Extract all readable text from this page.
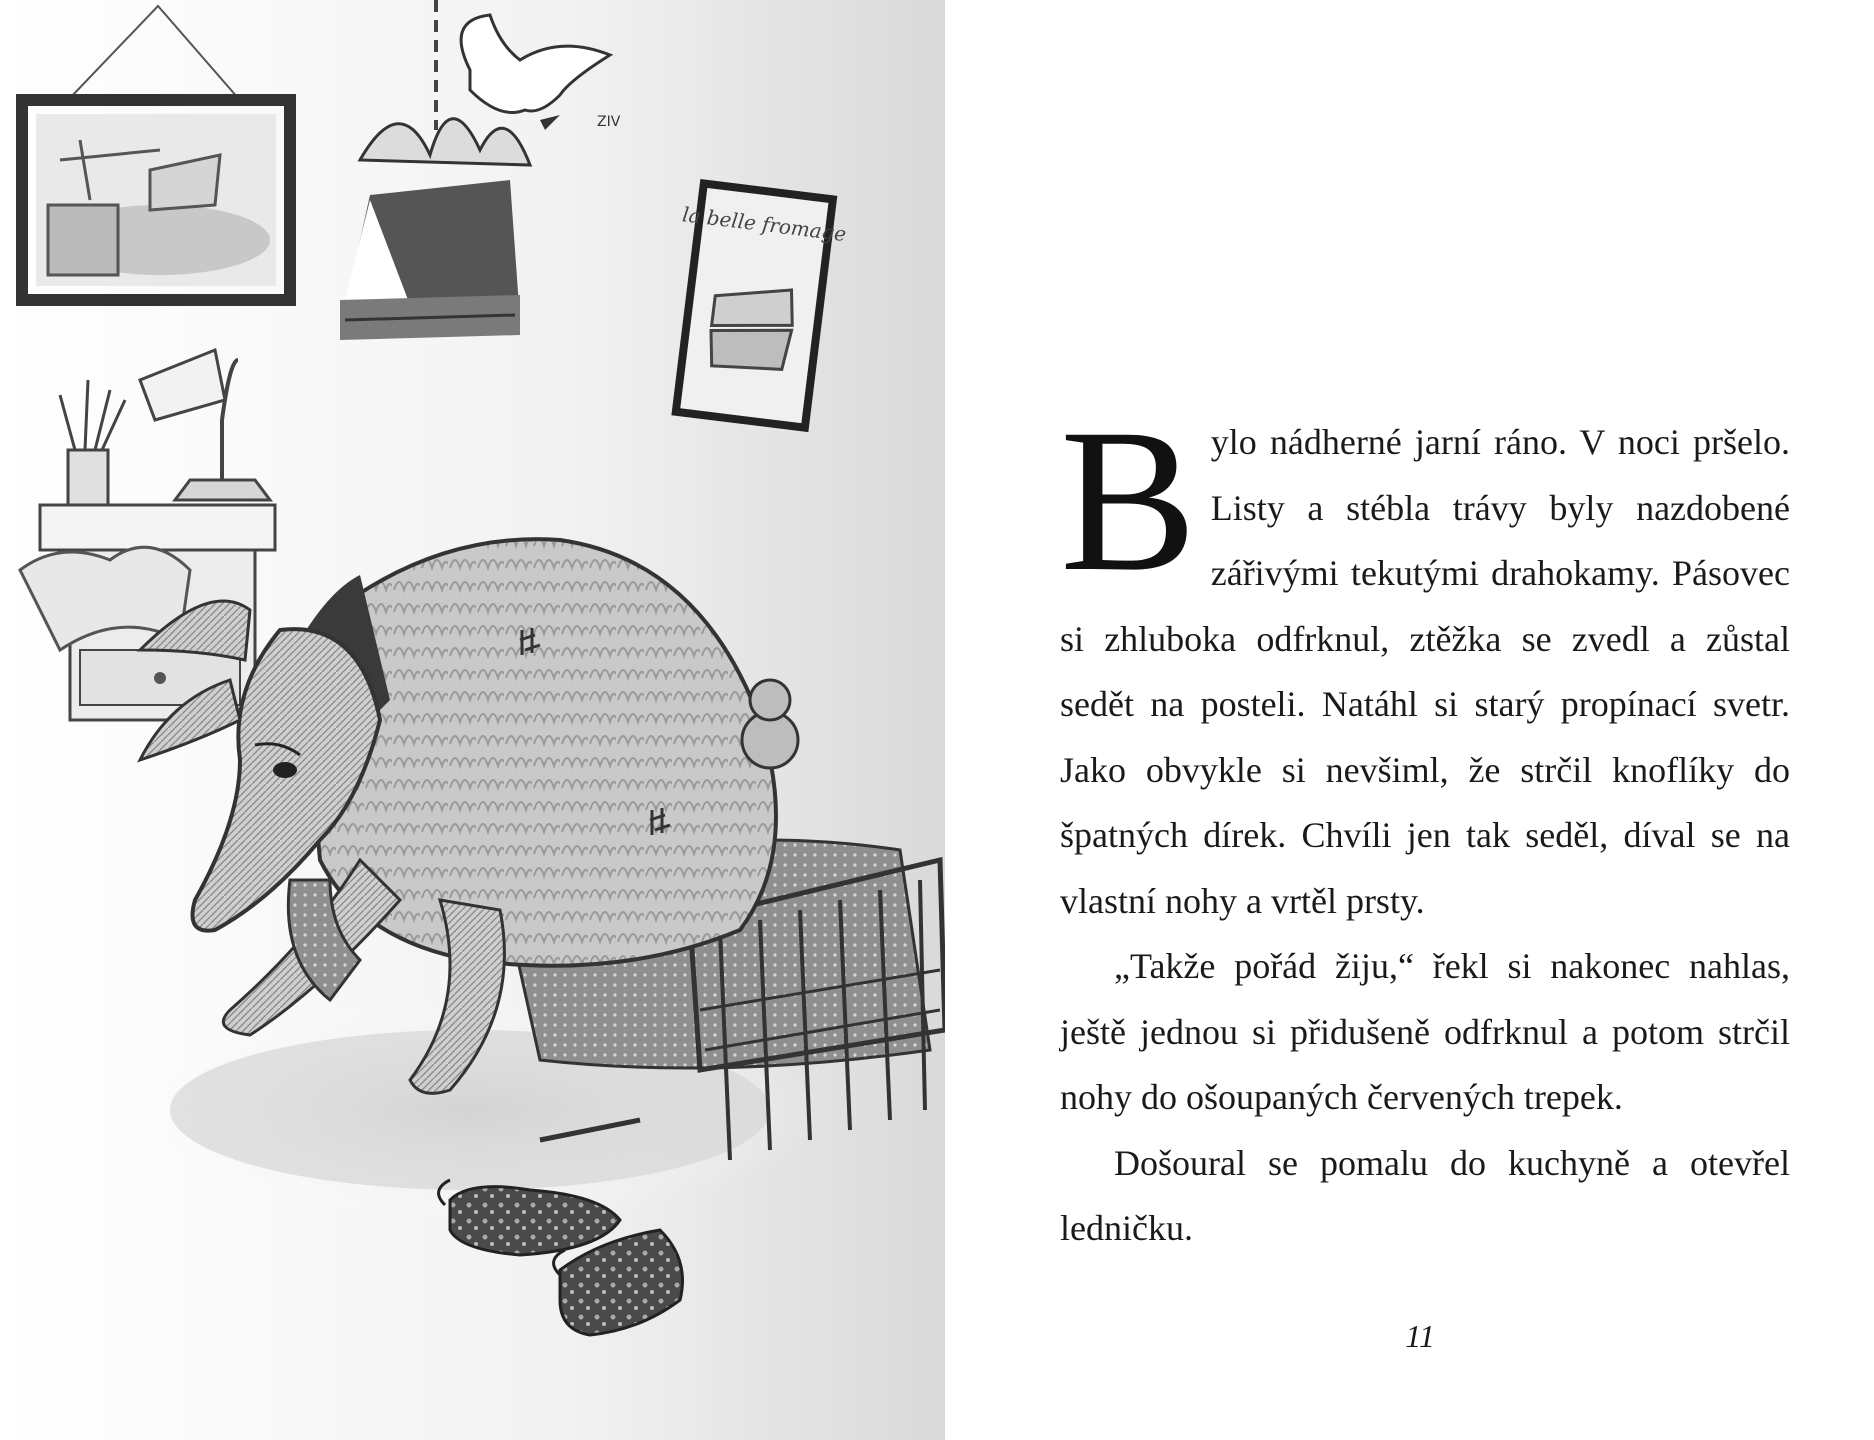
ZIV
la belle fromage

Bylo nádherné jarní ráno. V noci pršelo. Listy a stébla trávy byly nazdobené zářivými tekutými drahokamy. Pásovec si zhluboka odfrknul, ztěžka se zvedl a zůstal sedět na posteli. Natáhl si starý propínací svetr. Jako obvykle si nevšiml, že strčil knoflíky do špatných dírek. Chvíli jen tak seděl, díval se na vlastní nohy a vrtěl prsty.

„Takže pořád žiju,“ řekl si nakonec nahlas, ještě jednou si přidušeně odfrknul a potom strčil nohy do ošoupaných červených trepek.

Došoural se pomalu do kuchyně a otevřel ledničku.

11
